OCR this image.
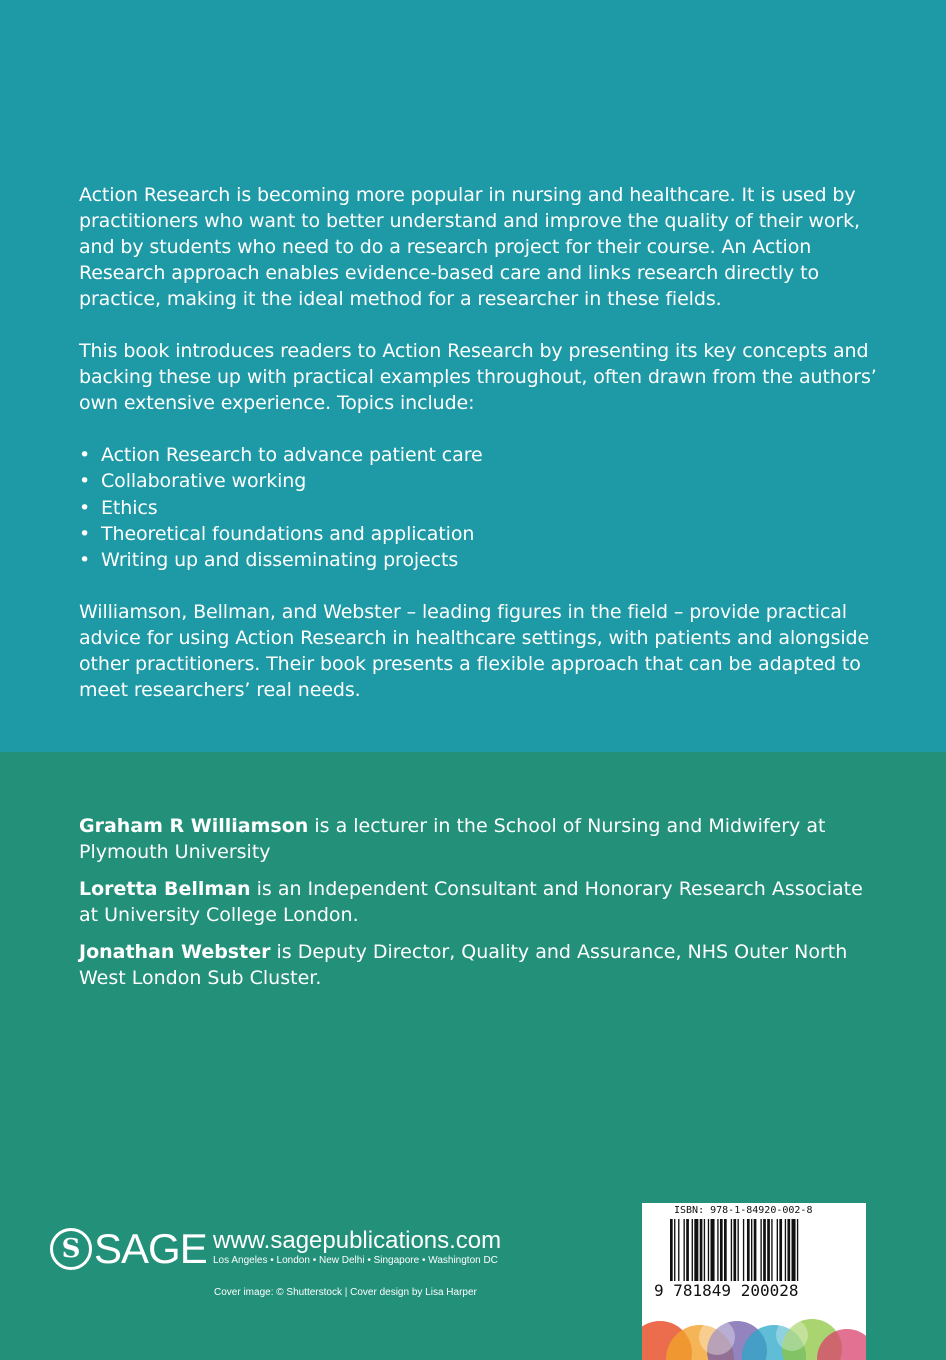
Action Research is becoming more popular in nursing and healthcare. It is used by practitioners who want to better understand and improve the quality of their work, and by students who need to do a research project for their course. An Action Research approach enables evidence-based care and links research directly to practice, making it the ideal method for a researcher in these fields.

This book introduces readers to Action Research by presenting its key concepts and backing these up with practical examples throughout, often drawn from the authors’ own extensive experience. Topics include:

• Action Research to advance patient care
• Collaborative working
• Ethics
• Theoretical foundations and application
• Writing up and disseminating projects

Williamson, Bellman, and Webster – leading figures in the field – provide practical advice for using Action Research in healthcare settings, with patients and alongside other practitioners. Their book presents a flexible approach that can be adapted to meet researchers’ real needs.

Graham R Williamson is a lecturer in the School of Nursing and Midwifery at Plymouth University

Loretta Bellman is an Independent Consultant and Honorary Research Associate at University College London.

Jonathan Webster is Deputy Director, Quality and Assurance, NHS Outer North West London Sub Cluster.

S SAGE www.sagepublications.com
Los Angeles • London • New Delhi • Singapore • Washington DC
Cover image: © Shutterstock | Cover design by Lisa Harper
ISBN: 978-1-84920-002-8
9 781849 200028
